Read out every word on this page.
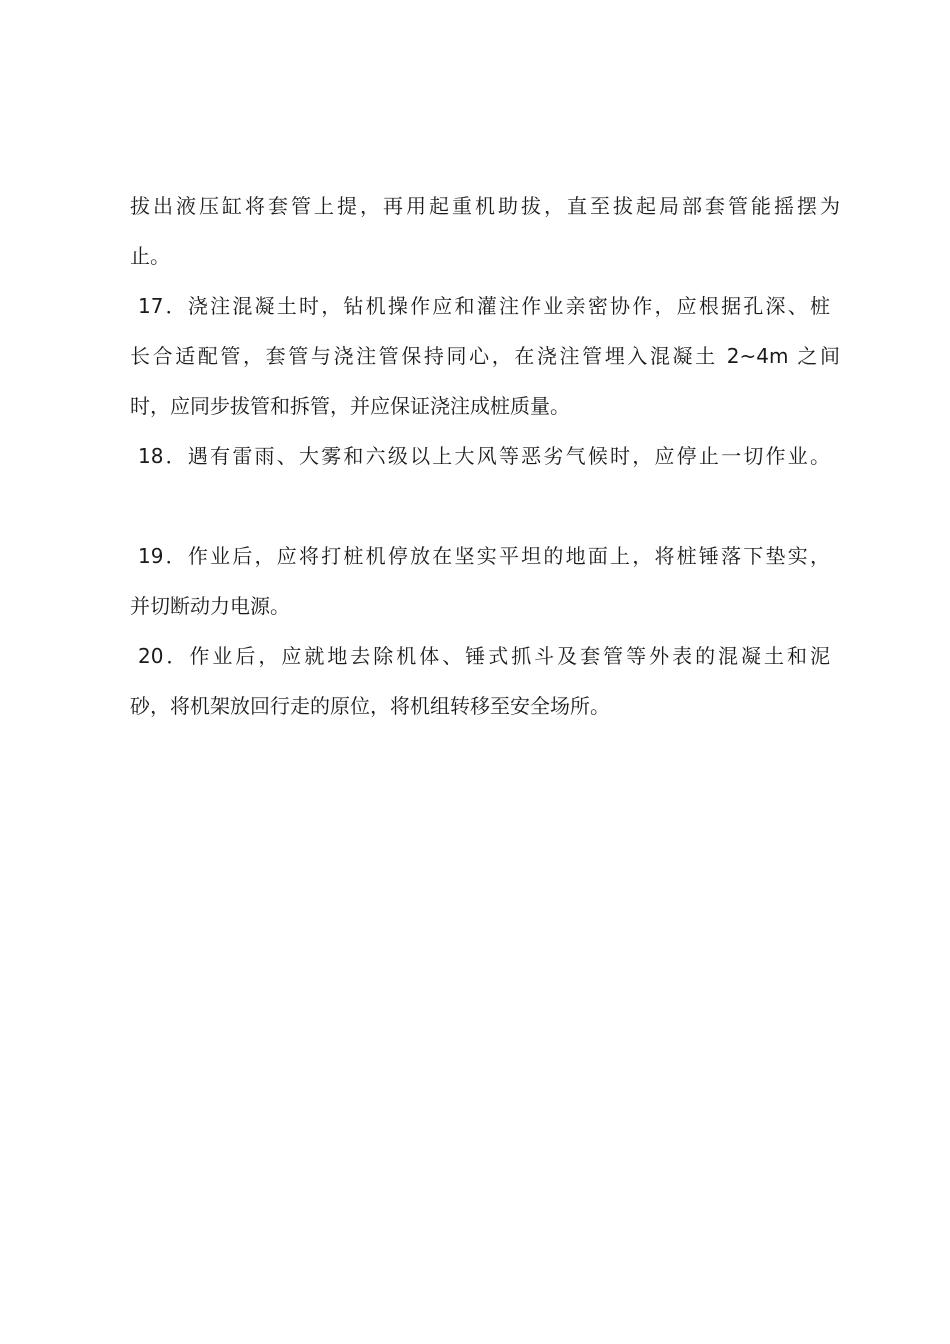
拔出液压缸将套管上提，再用起重机助拔，直至拔起局部套管能摇摆为

止。

17．浇注混凝土时，钻机操作应和灌注作业亲密协作，应根据孔深、桩

长合适配管，套管与浇注管保持同心，在浇注管埋入混凝土 2~4m 之间

时，应同步拔管和拆管，并应保证浇注成桩质量。

18．遇有雷雨、大雾和六级以上大风等恶劣气候时，应停止一切作业。

19．作业后，应将打桩机停放在坚实平坦的地面上，将桩锤落下垫实，

并切断动力电源。

20．作业后，应就地去除机体、锤式抓斗及套管等外表的混凝土和泥

砂，将机架放回行走的原位，将机组转移至安全场所。
